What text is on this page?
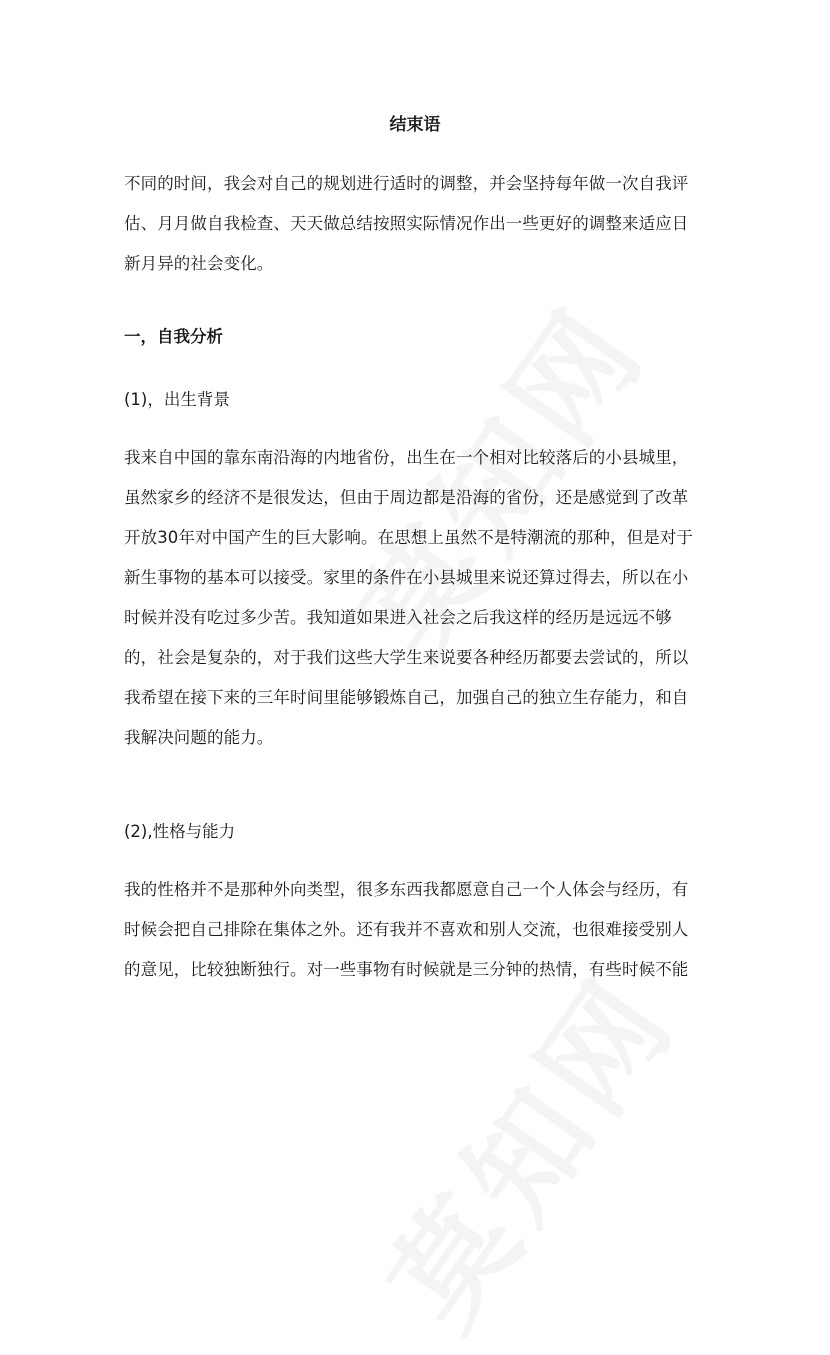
结束语

不同的时间，我会对自己的规划进行适时的调整，并会坚持每年做一次自我评估、月月做自我检查、天天做总结按照实际情况作出一些更好的调整来适应日新月异的社会变化。

一，自我分析
(1)，出生背景

我来自中国的靠东南沿海的内地省份，出生在一个相对比较落后的小县城里，虽然家乡的经济不是很发达，但由于周边都是沿海的省份，还是感觉到了改革开放30年对中国产生的巨大影响。在思想上虽然不是特潮流的那种，但是对于新生事物的基本可以接受。家里的条件在小县城里来说还算过得去，所以在小时候并没有吃过多少苦。我知道如果进入社会之后我这样的经历是远远不够的，社会是复杂的，对于我们这些大学生来说要各种经历都要去尝试的，所以我希望在接下来的三年时间里能够锻炼自己，加强自己的独立生存能力，和自我解决问题的能力。

(2),性格与能力

我的性格并不是那种外向类型，很多东西我都愿意自己一个人体会与经历，有时候会把自己排除在集体之外。还有我并不喜欢和别人交流，也很难接受别人的意见，比较独断独行。对一些事物有时候就是三分钟的热情，有些时候不能
